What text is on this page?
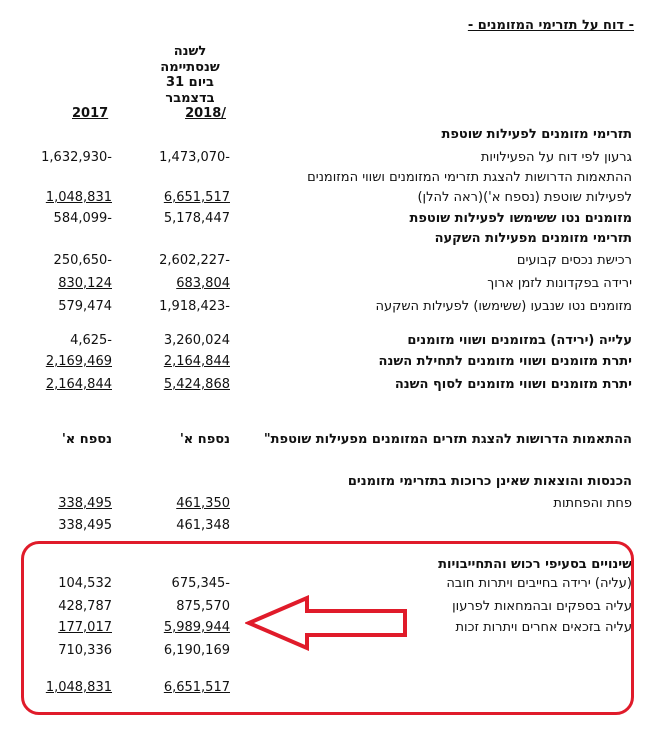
- דוח על תזרימי המזומנים -
לשנה
שנסתיימה
ביום 31
בדצמבר
2018/
2017
תזרימי מזומנים לפעילות שוטפת
גרעון לפי דוח על הפעילויות
1,473,070-
1,632,930-
ההתאמות הדרושות להצגת תזרימי המזומנים ושווי המזומנים
לפעילות שוטפת (נספח א')(ראה להלן)
6,651,517
1,048,831
מזומנים נטו ששימשו לפעילות שוטפת
5,178,447
584,099-
תזרימי מזומנים מפעילות השקעה
רכישת נכסים קבועים
2,602,227-
250,650-
ירידה בפקדונות לזמן ארוך
683,804
830,124
מזומנים נטו שנבעו (ששימשו) לפעילות השקעה
1,918,423-
579,474
עלייה (ירידה) במזומנים ושווי מזומנים
3,260,024
4,625-
יתרת מזומנים ושווי מזומנים לתחילת השנה
2,164,844
2,169,469
יתרת מזומנים ושווי מזומנים לסוף השנה
5,424,868
2,164,844
ההתאמות הדרושות להצגת תזרים המזומנים מפעילות שוטפת"
נספח א'
נספח א'
הכנסות והוצאות שאינן כרוכות בתזרימי מזומנים
פחת והפחתות
461,350
338,495
461,348
338,495
שינויים בסעיפי רכוש והתחייבויות
(עליה) ירידה בחייבים ויתרות חובה
675,345-
104,532
עליה בספקים ובהמחאות לפרעון
875,570
428,787
עליה בזכאים אחרים ויתרות זכות
5,989,944
177,017
6,190,169
710,336
6,651,517
1,048,831
